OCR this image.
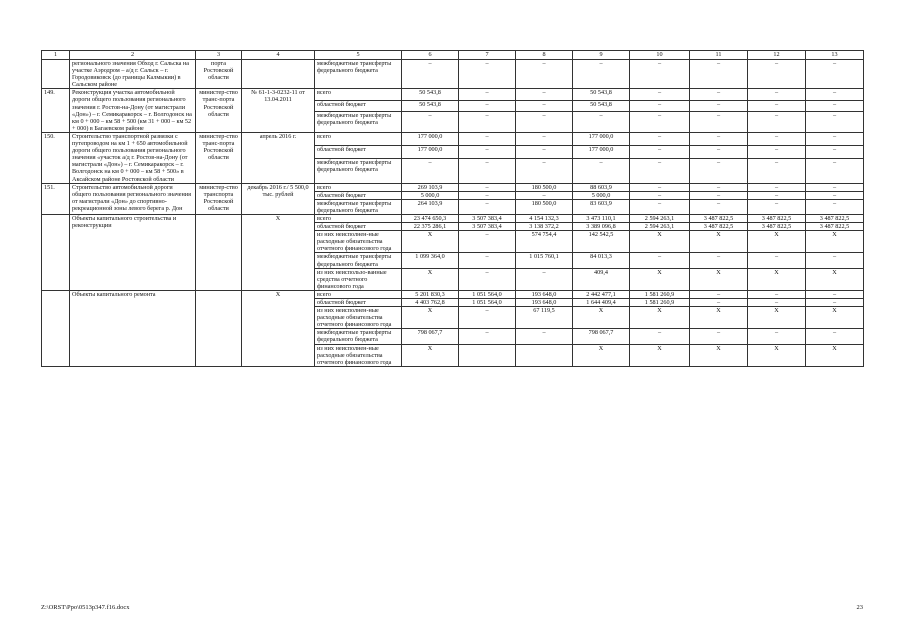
1	2	3	4	5	6	7	8	9	10	11	12	13
	регионального значения Обход г. Сальска на участке Аэродром – а/д г. Сальск – г. Городовиковск (до границы Калмыкии) в Сальском районе	порта Ростовской области		межбюджетные трансферты федерального бюджета	–	–	–	–	–	–	–	–
149.	Реконструкция участка автомобильной дороги общего пользования регионального значения г. Ростов-на-Дону (от магистрали «Дон») – г. Семикаракорск – г. Волгодонск на км 0 + 000 – км 58 + 500 (км 31 + 000 – км 52 + 000) в Багаевском районе	министер-ство транс-порта Ростовской области	№ 61-1-3-0232-11 от 13.04.2011	всего	50 543,8	–	–	50 543,8	–	–	–	–
				областной бюджет	50 543,8	–	–	50 543,8	–	–	–	–
				межбюджетные трансферты федерального бюджета	–	–	–	–	–	–	–	–
150.	Строительство транспортной развязки с путепроводом на км 1 + 650 автомобильной дороги общего пользования регионального значения «участок а/д г. Ростов-на-Дону (от магистрали «Дон») – г. Семикаракорск – г. Волгодонск на км 0 + 000 – км 58 + 500» в Аксайском районе Ростовской области	министер-ство транс-порта Ростовской области	апрель 2016 г.	всего	177 000,0	–	–	177 000,0	–	–	–	–
				областной бюджет	177 000,0	–	–	177 000,0	–	–	–	–
				межбюджетные трансферты федерального бюджета	–	–	–	–	–	–	–	–
151.	Строительство автомобильной дороги общего пользования регионального значения от магистрали «Дон» до спортивно-рекреационной зоны левого берега р. Дон	министер-ство транспорта Ростовской области	декабрь 2016 г./ 5 500,0 тыс. рублей	всего	269 103,9	–	180 500,0	88 603,9	–	–	–	–
				областной бюджет	5 000,0	–	–	5 000,0	–	–	–	–
				межбюджетные трансферты федерального бюджета	264 103,9	–	180 500,0	83 603,9	–	–	–	–
	Объекты капитального строительства и реконструкции		X	всего	23 474 650,3	3 507 383,4	4 154 132,3	3 473 110,1	2 594 263,1	3 487 822,5	3 487 822,5	3 487 822,5
				областной бюджет	22 375 286,1	3 507 383,4	3 138 372,2	3 389 096,8	2 594 263,1	3 487 822,5	3 487 822,5	3 487 822,5
				из них неисполнен-ные расходные обязательства отчетного финансового года	X	–	574 754,4	142 542,5	X	X	X	X
				межбюджетные трансферты федерального бюджета	1 099 364,0	–	1 015 760,1	84 013,3	–	–	–	–
				из них неиспользо-ванные средства отчетного финансового года	X	–	–	409,4	X	X	X	X
	Объекты капитального ремонта		X	всего	5 201 830,3	1 051 564,0	193 648,0	2 442 477,1	1 581 260,9	–	–	–
				областной бюджет	4 403 762,8	1 051 564,0	193 648,0	1 644 409,4	1 581 260,9	–	–	–
				из них неисполнен-ные расходные обязательства отчетного финансового года	X	–	67 119,5	X	X	X	X	X
				межбюджетные трансферты федерального бюджета	798 067,7	–	–	798 067,7	–	–	–	–
				из них неисполнен-ные расходные обязательства отчетного финансового года	X			X	X	X	X	X
Z:\ORST\Ppo\0513p347.f16.docx	23
